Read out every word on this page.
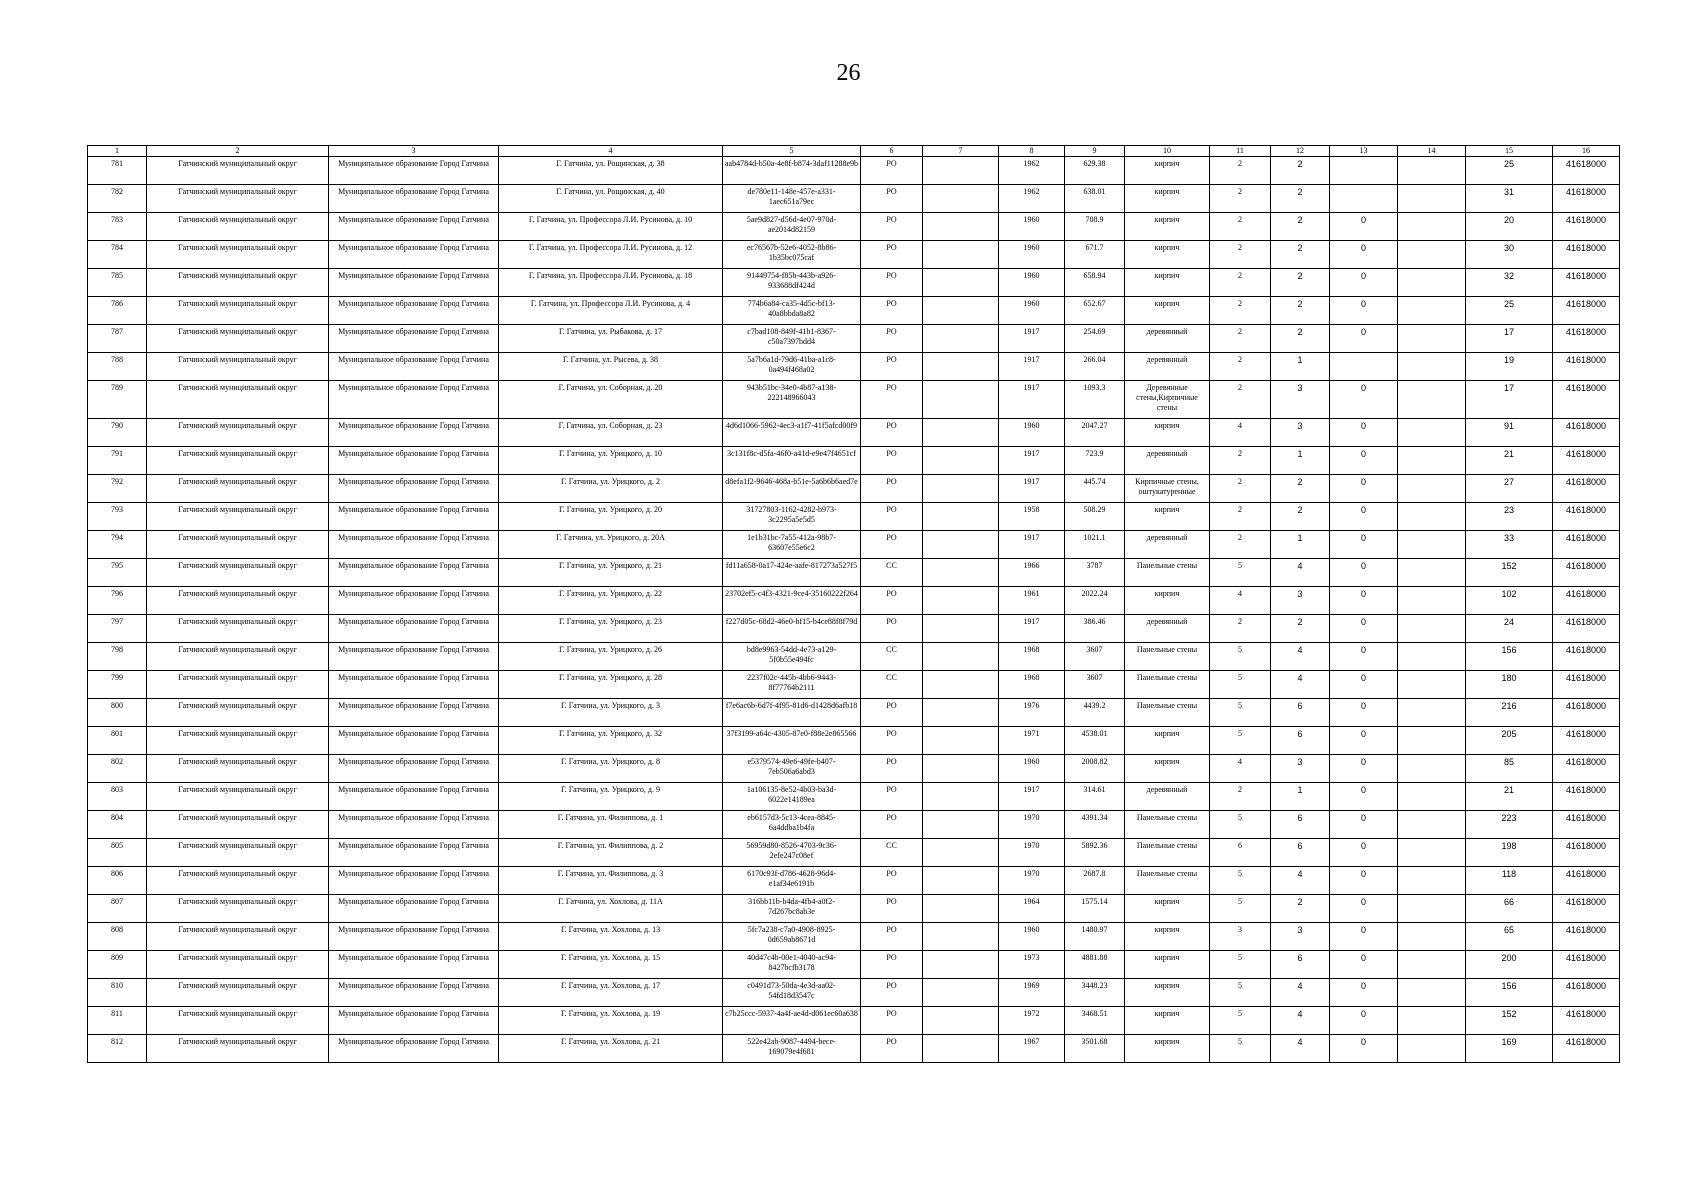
26
1	2	3	4	5	6	7	8	9	10	11	12	13	14	15	16
781	Гатчинский муниципальный округ	Муниципальное образование Город Гатчина	Г. Гатчина, ул. Рощинская, д. 38	aab4784d-b50a-4e8f-b874-3daf11288e9b	РО		1962	629.38	кирпич	2	2			25	41618000
782	Гатчинский муниципальный округ	Муниципальное образование Город Гатчина	Г. Гатчина, ул. Рощинская, д. 40	de780e11-148e-457e-a331-1aec651a79ec	РО		1962	638.01	кирпич	2	2			31	41618000
783	Гатчинский муниципальный округ	Муниципальное образование Город Гатчина	Г. Гатчина, ул. Профессора Л.И. Русинова, д. 10	5ae9d827-d56d-4e07-970d-ae2014d82159	РО		1960	708.9	кирпич	2	2	0		20	41618000
784	Гатчинский муниципальный округ	Муниципальное образование Город Гатчина	Г. Гатчина, ул. Профессора Л.И. Русинова, д. 12	ec76567b-52e6-4052-8b86-1b35bc075caf	РО		1960	671.7	кирпич	2	2	0		30	41618000
785	Гатчинский муниципальный округ	Муниципальное образование Город Гатчина	Г. Гатчина, ул. Профессора Л.И. Русинова, д. 18	91449754-f85b-443b-a926-933688df424d	РО		1960	658.94	кирпич	2	2	0		32	41618000
786	Гатчинский муниципальный округ	Муниципальное образование Город Гатчина	Г. Гатчина, ул. Профессора Л.И. Русинова, д. 4	774b6a84-ca35-4d5c-bf13-40a8bbda8a82	РО		1960	652.67	кирпич	2	2	0		25	41618000
787	Гатчинский муниципальный округ	Муниципальное образование Город Гатчина	Г. Гатчина, ул. Рыбакова, д. 17	c7bad108-849f-41b1-8367-c50a7397bdd4	РО		1917	254.69	деревянный	2	2	0		17	41618000
788	Гатчинский муниципальный округ	Муниципальное образование Город Гатчина	Г. Гатчина, ул. Рысева, д. 38	5a7b6a1d-79d6-41ba-a1c8-0a494f468a02	РО		1917	266.04	деревянный	2	1			19	41618000
789	Гатчинский муниципальный округ	Муниципальное образование Город Гатчина	Г. Гатчина, ул. Соборная, д. 20	943b51bc-34e0-4b87-a138-222148966043	РО		1917	1093.3	Деревянные стены,Кирпичные стены	2	3	0		17	41618000
790	Гатчинский муниципальный округ	Муниципальное образование Город Гатчина	Г. Гатчина, ул. Соборная, д. 23	4d6d1066-5962-4ec3-a1f7-41f5afcd00f9	РО		1960	2047.27	кирпич	4	3	0		91	41618000
791	Гатчинский муниципальный округ	Муниципальное образование Город Гатчина	Г. Гатчина, ул. Урицкого, д. 10	3c131f8c-d5fa-46f0-a41d-e9e47f4651cf	РО		1917	723.9	деревянный	2	1	0		21	41618000
792	Гатчинский муниципальный округ	Муниципальное образование Город Гатчина	Г. Гатчина, ул. Урицкого, д. 2	d8efa1f2-9646-468a-b51e-5a6b6b6aed7e	РО		1917	445.74	Кирпичные стены, оштукатуренные	2	2	0		27	41618000
793	Гатчинский муниципальный округ	Муниципальное образование Город Гатчина	Г. Гатчина, ул. Урицкого, д. 20	31727803-1162-4282-b973-3c2295a5e5d5	РО		1958	508.29	кирпич	2	2	0		23	41618000
794	Гатчинский муниципальный округ	Муниципальное образование Город Гатчина	Г. Гатчина, ул. Урицкого, д. 20А	1e1b31bc-7a55-412a-98b7-63607e55e6c2	РО		1917	1021.1	деревянный	2	1	0		33	41618000
795	Гатчинский муниципальный округ	Муниципальное образование Город Гатчина	Г. Гатчина, ул. Урицкого, д. 21	fd11a658-0a17-424e-aafe-817273a527f5	СС		1966	3787	Панельные стены	5	4	0		152	41618000
796	Гатчинский муниципальный округ	Муниципальное образование Город Гатчина	Г. Гатчина, ул. Урицкого, д. 22	23702ef5-c4f3-4321-9ce4-35160222f264	РО		1961	2022.24	кирпич	4	3	0		102	41618000
797	Гатчинский муниципальный округ	Муниципальное образование Город Гатчина	Г. Гатчина, ул. Урицкого, д. 23	f227d05c-68d2-46e0-bf15-b4ce88f8f79d	РО		1917	386.46	деревянный	2	2	0		24	41618000
798	Гатчинский муниципальный округ	Муниципальное образование Город Гатчина	Г. Гатчина, ул. Урицкого, д. 26	bd8e9963-54dd-4e73-a129-5f0b55e494fc	СС		1968	3607	Панельные стены	5	4	0		156	41618000
799	Гатчинский муниципальный округ	Муниципальное образование Город Гатчина	Г. Гатчина, ул. Урицкого, д. 28	2237f02c-445b-4bb6-9443-8f77764b2111	СС		1968	3607	Панельные стены	5	4	0		180	41618000
800	Гатчинский муниципальный округ	Муниципальное образование Город Гатчина	Г. Гатчина, ул. Урицкого, д. 3	f7e6ac6b-6d7f-4f95-81d6-d1428d6afb18	РО		1976	4439.2	Панельные стены	5	6	0		216	41618000
801	Гатчинский муниципальный округ	Муниципальное образование Город Гатчина	Г. Гатчина, ул. Урицкого, д. 32	37f3199-a64c-4305-87e0-f88e2e865566	РО		1971	4538.01	кирпич	5	6	0		205	41618000
802	Гатчинский муниципальный округ	Муниципальное образование Город Гатчина	Г. Гатчина, ул. Урицкого, д. 8	e5379574-49e6-49fe-b407-7eb506a6abd3	РО		1960	2008.82	кирпич	4	3	0		85	41618000
803	Гатчинский муниципальный округ	Муниципальное образование Город Гатчина	Г. Гатчина, ул. Урицкого, д. 9	1a106135-8e52-4b03-ba3d-6022e14189ea	РО		1917	314.61	деревянный	2	1	0		21	41618000
804	Гатчинский муниципальный округ	Муниципальное образование Город Гатчина	Г. Гатчина, ул. Филиппова, д. 1	eb6157d3-5c13-4cea-8845-6a4ddba1b4fa	РО		1970	4391.34	Панельные стены	5	6	0		223	41618000
805	Гатчинский муниципальный округ	Муниципальное образование Город Гатчина	Г. Гатчина, ул. Филиппова, д. 2	56959d80-8526-4703-9c36-2efe247c08ef	СС		1970	5892.36	Панельные стены	6	6	0		198	41618000
806	Гатчинский муниципальный округ	Муниципальное образование Город Гатчина	Г. Гатчина, ул. Филиппова, д. 3	6170c93f-d786-4628-96d4-e1af34e6191b	РО		1970	2687.8	Панельные стены	5	4	0		118	41618000
807	Гатчинский муниципальный округ	Муниципальное образование Город Гатчина	Г. Гатчина, ул. Хохлова, д. 11А	316bb11b-b4da-4fb4-a0f2-7d267bc8ab3e	РО		1964	1575.14	кирпич	5	2	0		66	41618000
808	Гатчинский муниципальный округ	Муниципальное образование Город Гатчина	Г. Гатчина, ул. Хохлова, д. 13	5fc7a238-c7a0-4908-8925-0d659ab8671d	РО		1960	1480.97	кирпич	3	3	0		65	41618000
809	Гатчинский муниципальный округ	Муниципальное образование Город Гатчина	Г. Гатчина, ул. Хохлова, д. 15	40d47c4b-00e1-4040-ac94-8427bcfb3178	РО		1973	4881.88	кирпич	5	6	0		200	41618000
810	Гатчинский муниципальный округ	Муниципальное образование Город Гатчина	Г. Гатчина, ул. Хохлова, д. 17	c0491d73-50da-4e3d-aa02-54fd18d3547c	РО		1969	3448.23	кирпич	5	4	0		156	41618000
811	Гатчинский муниципальный округ	Муниципальное образование Город Гатчина	Г. Гатчина, ул. Хохлова, д. 19	c7b25ccc-5937-4a4f-ae4d-d061ec60a638	РО		1972	3468.51	кирпич	5	4	0		152	41618000
812	Гатчинский муниципальный округ	Муниципальное образование Город Гатчина	Г. Гатчина, ул. Хохлова, д. 21	522e42ab-9087-4494-bece-169079e4f681	РО		1967	3501.68	кирпич	5	4	0		169	41618000
